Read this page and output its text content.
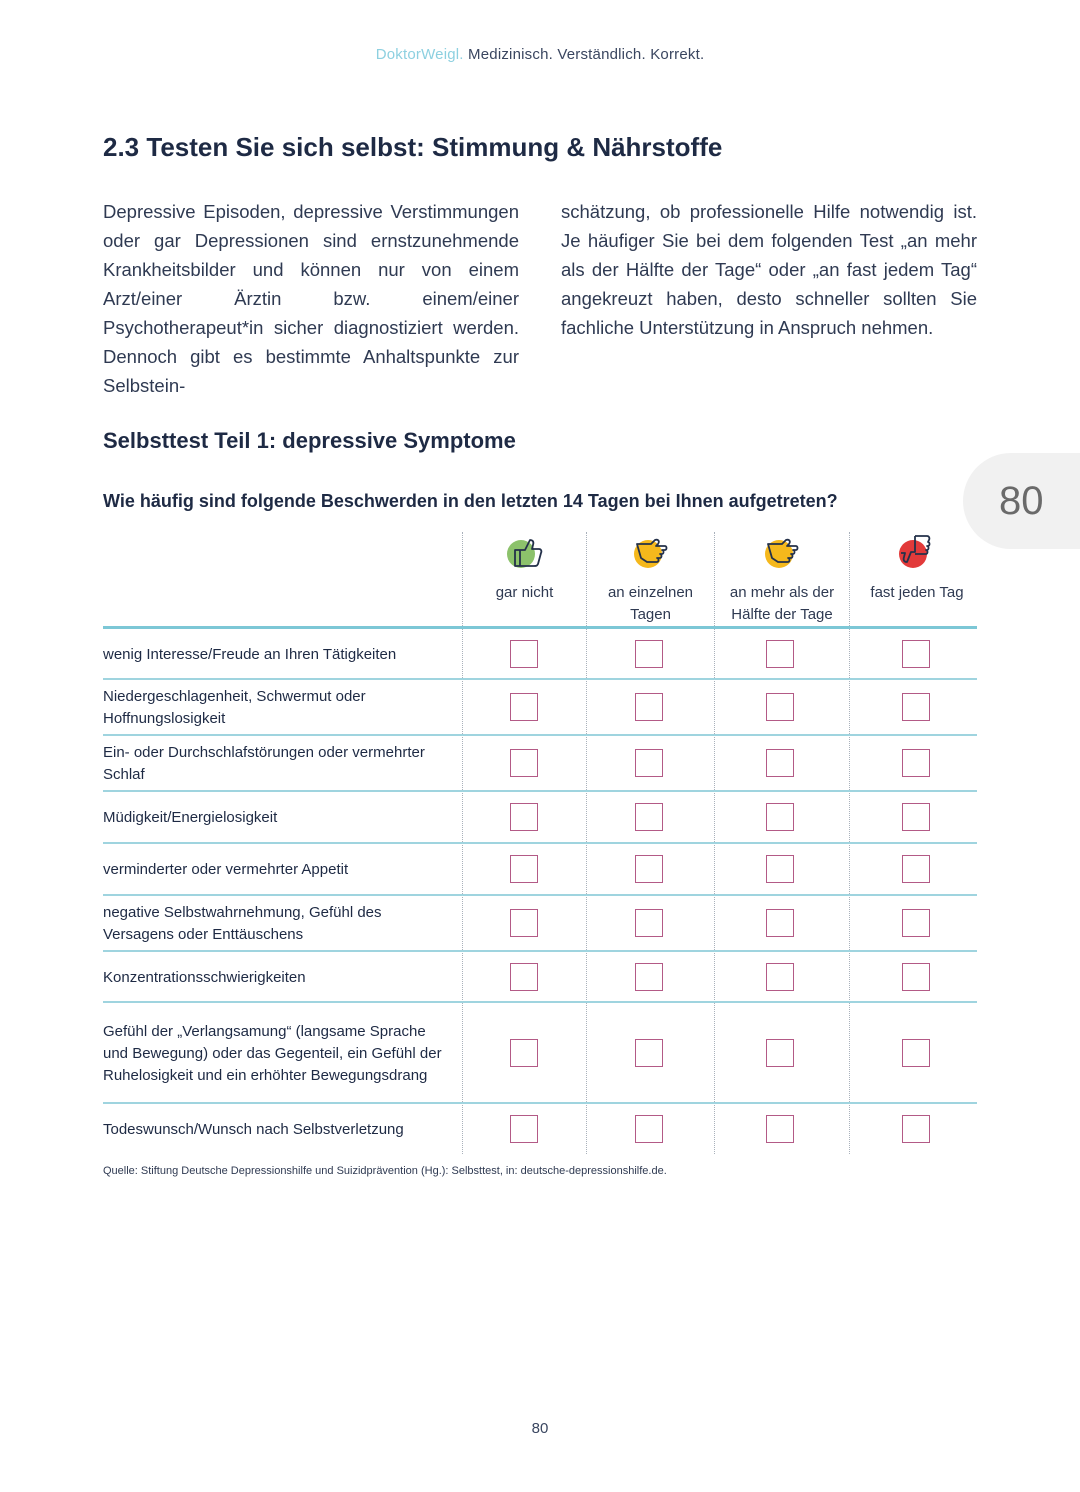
DoktorWeigl. Medizinisch. Verständlich. Korrekt.
2.3 Testen Sie sich selbst: Stimmung & Nährstoffe

Depressive Episoden, depressive Verstimmungen oder gar Depressionen sind ernstzunehmende Krankheitsbilder und können nur von einem Arzt/einer Ärztin bzw. einem/einer Psychotherapeut*in sicher diagnostiziert werden. Dennoch gibt es bestimmte Anhaltspunkte zur Selbstein-

schätzung, ob professionelle Hilfe notwendig ist. Je häufiger Sie bei dem folgenden Test „an mehr als der Hälfte der Tage“ oder „an fast jedem Tag“ angekreuzt haben, desto schneller sollten Sie fachliche Unterstützung in Anspruch nehmen.

Selbsttest Teil 1: depressive Symptome

Wie häufig sind folgende Beschwerden in den letzten 14 Tagen bei Ihnen aufgetreten?	80
gar nicht	an einzelnen Tagen
an mehr als der Hälfte der Tage
fast jeden Tag
wenig Interesse/Freude an Ihren Tätigkeiten
Niedergeschlagenheit, Schwermut oder Hoffnungslosigkeit
Ein- oder Durchschlafstörungen oder vermehrter Schlaf
Müdigkeit/Energielosigkeit
verminderter oder vermehrter Appetit
negative Selbstwahrnehmung, Gefühl des Versagens oder Enttäuschens
Konzentrationsschwierigkeiten
Gefühl der „Verlangsamung“ (langsame Sprache und Bewegung) oder das Gegenteil, ein Gefühl der Ruhelosigkeit und ein erhöhter Bewegungsdrang
Todeswunsch/Wunsch nach Selbstverletzung

Quelle: Stiftung Deutsche Depressionshilfe und Suizidprävention (Hg.): Selbsttest, in: deutsche-depressionshilfe.de.

80
